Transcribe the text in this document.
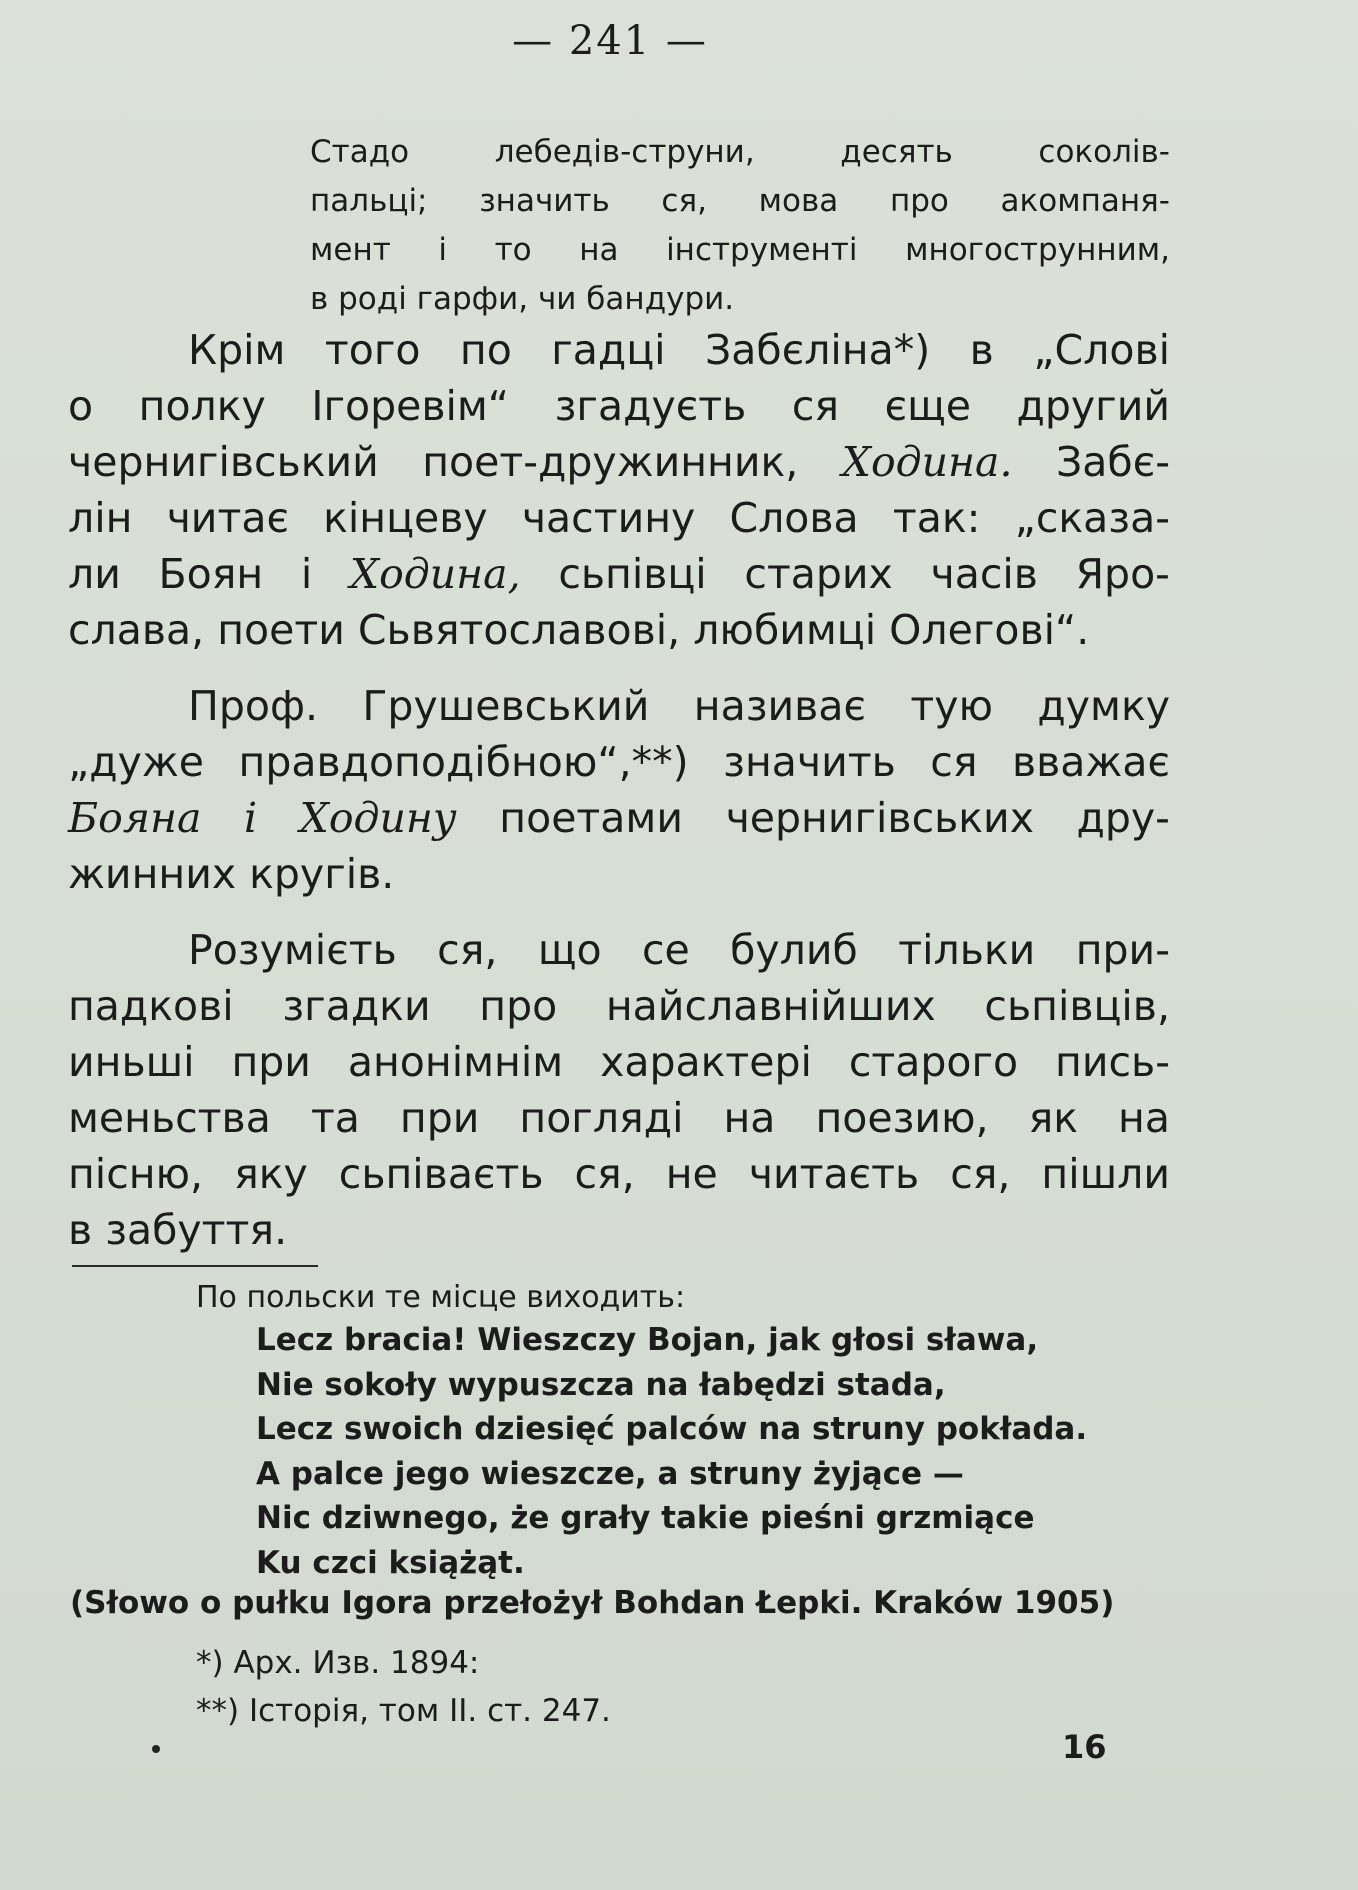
— 241 —
Стадо лебедів-струни, десять соколів-
пальці; значить ся, мова про акомпаня-
мент і то на інструменті многострунним,
в роді гарфи, чи бандури.
Крім того по гадці Забєліна*) в „Слові
о полку Ігоревім“ згадуєть ся єще другий
чернигівський поет-дружинник, Ходина. Забє-
лін читає кінцеву частину Слова так: „сказа-
ли Боян і Ходина, сьпівці старих часів Яро-
слава, поети Сьвятославові, любимці Олегові“.
Проф. Грушевський називає тую думку
„дуже правдоподібною“,**) значить ся вважає
Бояна і Ходину поетами чернигівських дру-
жинних кругів.
Розумієть ся, що се булиб тільки при-
падкові згадки про найславнійших сьпівців,
иньші при анонімнім характері старого пись-
меньства та при погляді на поезию, як на
пісню, яку сьпіваєть ся, не читаєть ся, пішли
в забуття.
По польски те місце виходить:
Lecz bracia! Wieszczy Bojan, jak głosi sława,
Nie sokoły wypuszcza na łabędzi stada,
Lecz swoich dziesięć palców na struny pokłada.
A palce jego wieszcze, a struny żyjące —
Nic dziwnego, że grały takie pieśni grzmiące
Ku czci książąt.
(Słowo o pułku Igora przełożył Bohdan Łepki. Kraków 1905)
*) Арх. Изв. 1894:
**) Історія, том II. ст. 247.
16
